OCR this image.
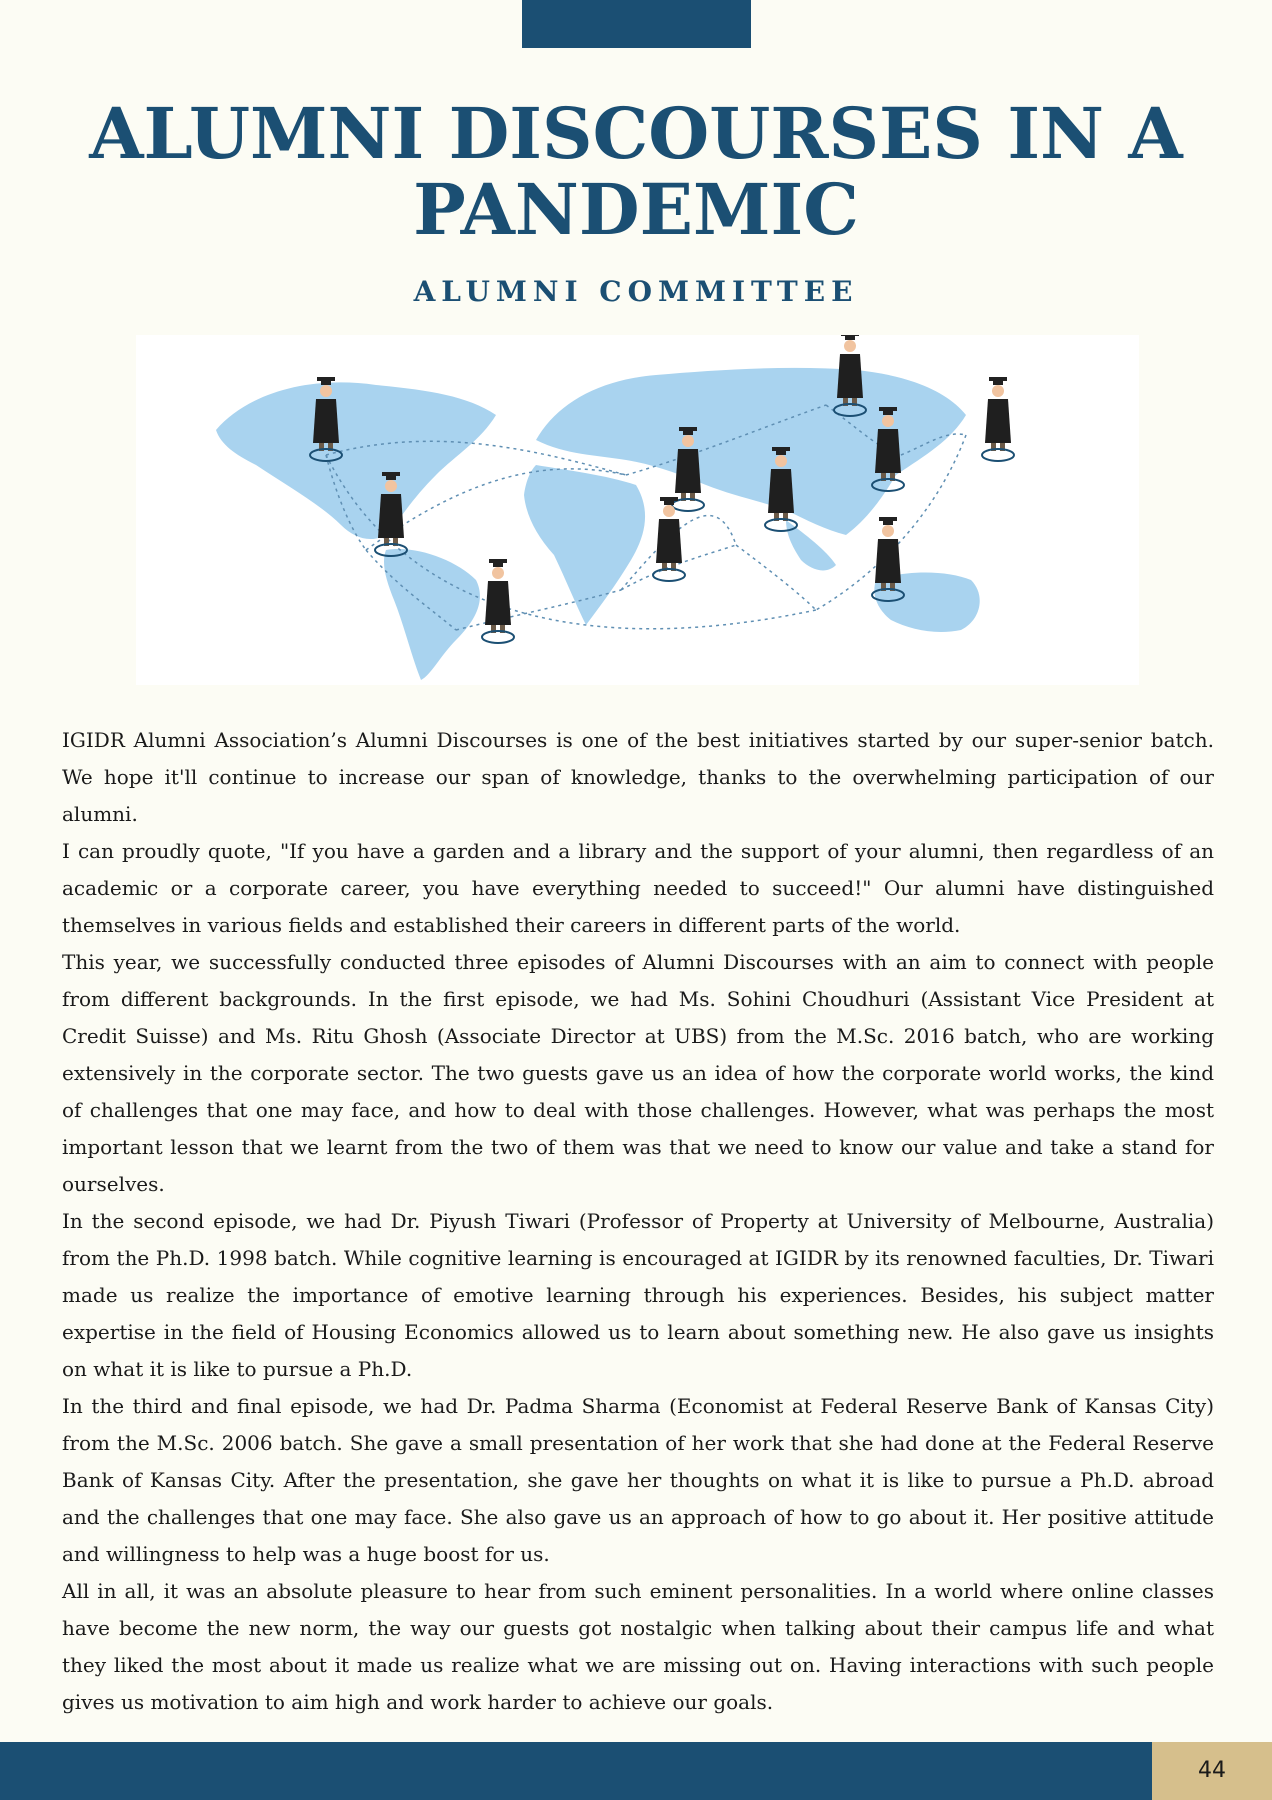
ALUMNI DISCOURSES IN A PANDEMIC
ALUMNI COMMITTEE

IGIDR Alumni Association’s Alumni Discourses is one of the best initiatives started by our super-senior batch. We hope it'll continue to increase our span of knowledge, thanks to the overwhelming participation of our alumni.

I can proudly quote, "If you have a garden and a library and the support of your alumni, then regardless of an academic or a corporate career, you have everything needed to succeed!" Our alumni have distinguished themselves in various fields and established their careers in different parts of the world.

This year, we successfully conducted three episodes of Alumni Discourses with an aim to connect with people from different backgrounds. In the first episode, we had Ms. Sohini Choudhuri (Assistant Vice President at Credit Suisse) and Ms. Ritu Ghosh (Associate Director at UBS) from the M.Sc. 2016 batch, who are working extensively in the corporate sector. The two guests gave us an idea of how the corporate world works, the kind of challenges that one may face, and how to deal with those challenges. However, what was perhaps the most important lesson that we learnt from the two of them was that we need to know our value and take a stand for ourselves.

In the second episode, we had Dr. Piyush Tiwari (Professor of Property at University of Melbourne, Australia) from the Ph.D. 1998 batch. While cognitive learning is encouraged at IGIDR by its renowned faculties, Dr. Tiwari made us realize the importance of emotive learning through his experiences. Besides, his subject matter expertise in the field of Housing Economics allowed us to learn about something new. He also gave us insights on what it is like to pursue a Ph.D.

In the third and final episode, we had Dr. Padma Sharma (Economist at Federal Reserve Bank of Kansas City) from the M.Sc. 2006 batch. She gave a small presentation of her work that she had done at the Federal Reserve Bank of Kansas City. After the presentation, she gave her thoughts on what it is like to pursue a Ph.D. abroad and the challenges that one may face. She also gave us an approach of how to go about it. Her positive attitude and willingness to help was a huge boost for us.

All in all, it was an absolute pleasure to hear from such eminent personalities. In a world where online classes have become the new norm, the way our guests got nostalgic when talking about their campus life and what they liked the most about it made us realize what we are missing out on. Having interactions with such people gives us motivation to aim high and work harder to achieve our goals.

44
